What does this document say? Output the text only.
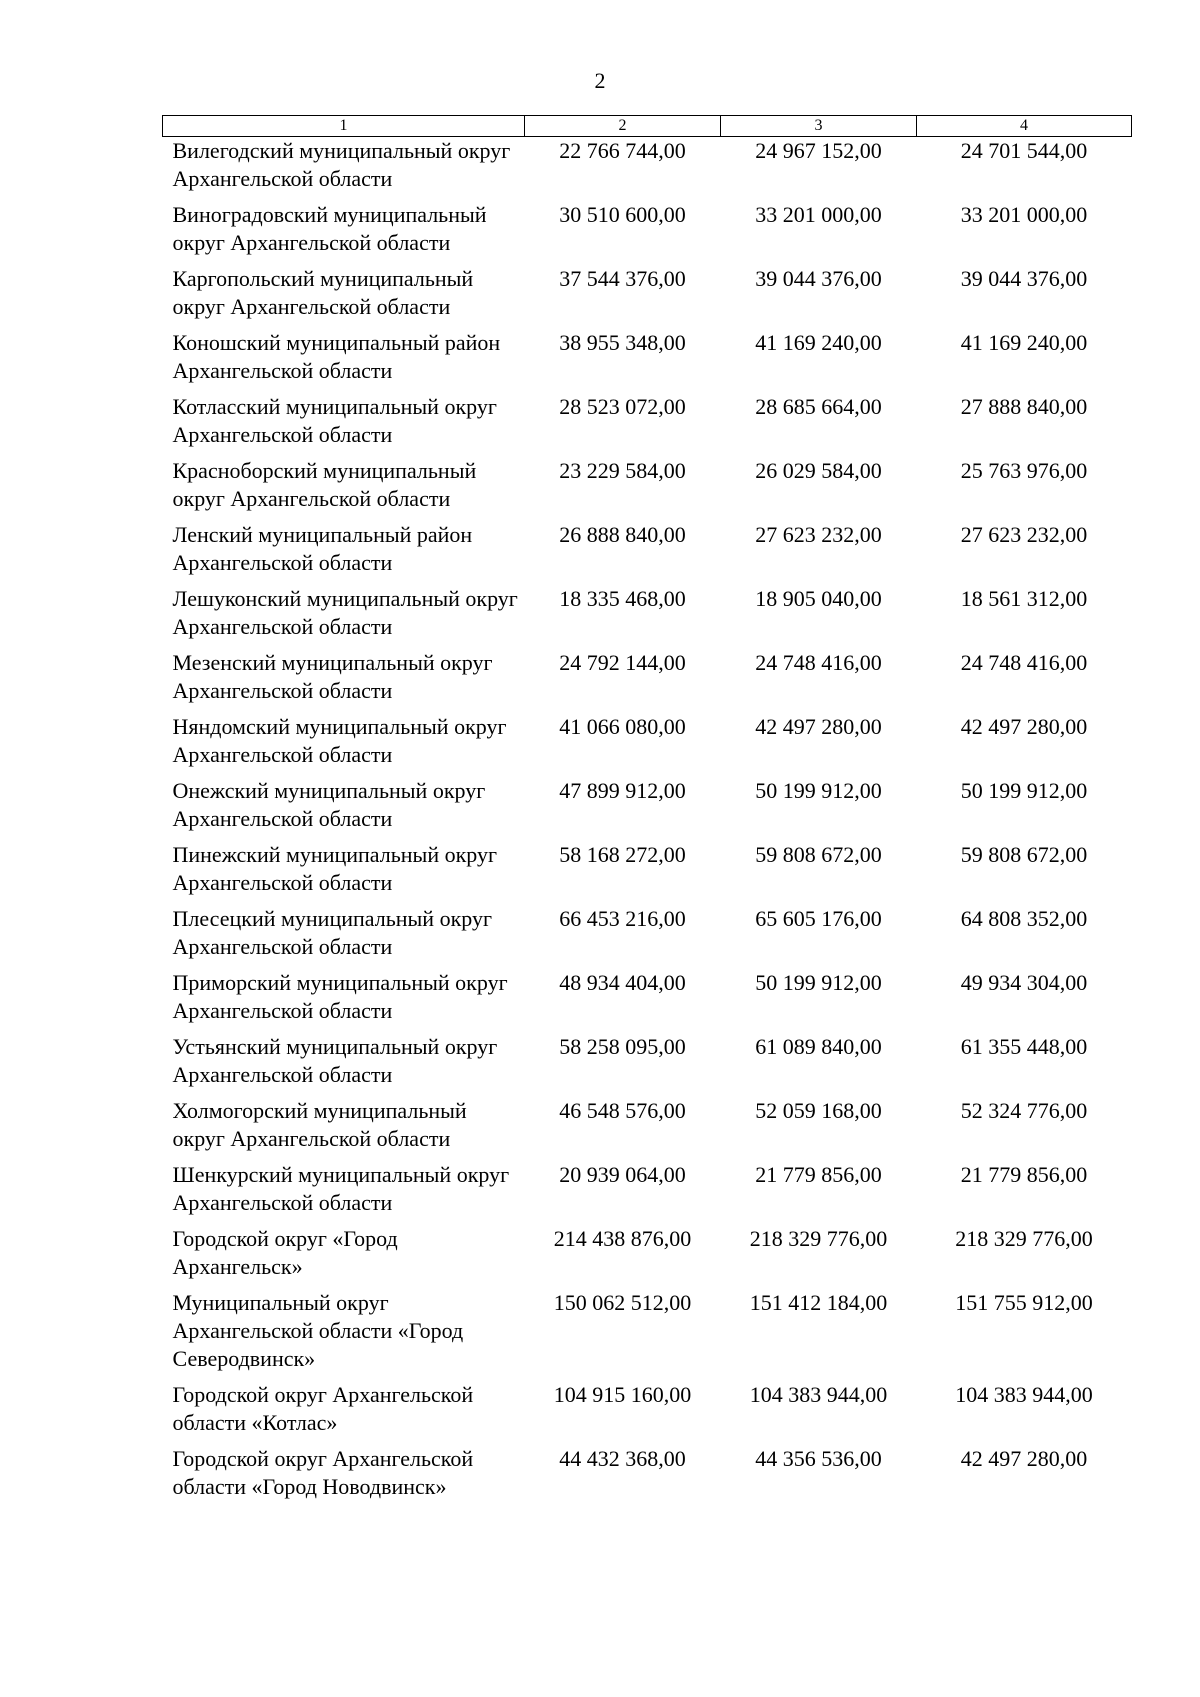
2
1	2	3	4
Вилегодский муниципальный округ Архангельской области	22 766 744,00	24 967 152,00	24 701 544,00
Виноградовский муниципальный округ Архангельской области	30 510 600,00	33 201 000,00	33 201 000,00
Каргопольский муниципальный округ Архангельской области	37 544 376,00	39 044 376,00	39 044 376,00
Коношский муниципальный район Архангельской области	38 955 348,00	41 169 240,00	41 169 240,00
Котласский муниципальный округ Архангельской области	28 523 072,00	28 685 664,00	27 888 840,00
Красноборский муниципальный округ Архангельской области	23 229 584,00	26 029 584,00	25 763 976,00
Ленский муниципальный район Архангельской области	26 888 840,00	27 623 232,00	27 623 232,00
Лешуконский муниципальный округ Архангельской области	18 335 468,00	18 905 040,00	18 561 312,00
Мезенский муниципальный округ Архангельской области	24 792 144,00	24 748 416,00	24 748 416,00
Няндомский муниципальный округ Архангельской области	41 066 080,00	42 497 280,00	42 497 280,00
Онежский муниципальный округ Архангельской области	47 899 912,00	50 199 912,00	50 199 912,00
Пинежский муниципальный округ Архангельской области	58 168 272,00	59 808 672,00	59 808 672,00
Плесецкий муниципальный округ Архангельской области	66 453 216,00	65 605 176,00	64 808 352,00
Приморский муниципальный округ Архангельской области	48 934 404,00	50 199 912,00	49 934 304,00
Устьянский муниципальный округ Архангельской области	58 258 095,00	61 089 840,00	61 355 448,00
Холмогорский муниципальный округ Архангельской области	46 548 576,00	52 059 168,00	52 324 776,00
Шенкурский муниципальный округ Архангельской области	20 939 064,00	21 779 856,00	21 779 856,00
Городской округ «Город Архангельск»	214 438 876,00	218 329 776,00	218 329 776,00
Муниципальный округ Архангельской области «Город Северодвинск»	150 062 512,00	151 412 184,00	151 755 912,00
Городской округ Архангельской области «Котлас»	104 915 160,00	104 383 944,00	104 383 944,00
Городской округ Архангельской области «Город Новодвинск»	44 432 368,00	44 356 536,00	42 497 280,00
